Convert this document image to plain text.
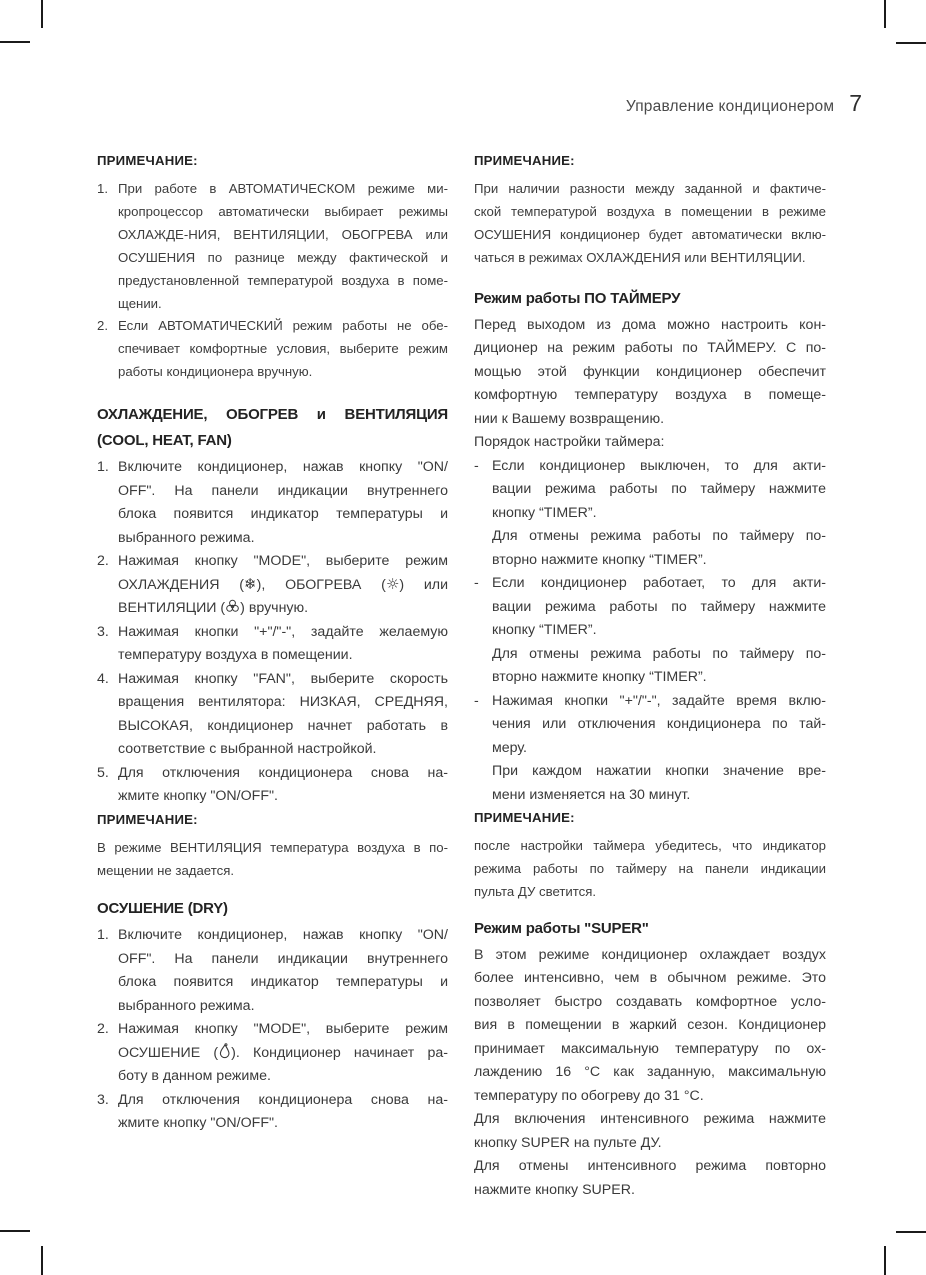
Управление кондиционером 7
ПРИМЕЧАНИЕ:
1. При работе в АВТОМАТИЧЕСКОМ режиме ми-
кропроцессор автоматически выбирает режимы
ОХЛАЖДЕ-НИЯ, ВЕНТИЛЯЦИИ, ОБОГРЕВА или
ОСУШЕНИЯ по разнице между фактической и
предустановленной температурой воздуха в поме-
щении.
2. Если АВТОМАТИЧЕСКИЙ режим работы не обе-
спечивает комфортные условия, выберите режим
работы кондиционера вручную.
ОХЛАЖДЕНИЕ, ОБОГРЕВ и ВЕНТИЛЯЦИЯ
(COOL, HEAT, FAN)
1. Включите кондиционер, нажав кнопку "ON/
OFF". На панели индикации внутреннего
блока появится индикатор температуры и
выбранного режима.
2. Нажимая кнопку "MODE", выберите режим
ОХЛАЖДЕНИЯ (❄), ОБОГРЕВА (☼) или
ВЕНТИЛЯЦИИ ( ) вручную.
3. Нажимая кнопки "+"/"-", задайте желаемую
температуру воздуха в помещении.
4. Нажимая кнопку "FAN", выберите скорость
вращения вентилятора: НИЗКАЯ, СРЕДНЯЯ,
ВЫСОКАЯ, кондиционер начнет работать в
соответствие с выбранной настройкой.
5. Для отключения кондиционера снова на-
жмите кнопку "ON/OFF".
ПРИМЕЧАНИЕ:
В режиме ВЕНТИЛЯЦИЯ температура воздуха в по-
мещении не задается.
ОСУШЕНИЕ (DRY)
1. Включите кондиционер, нажав кнопку "ON/
OFF". На панели индикации внутреннего
блока появится индикатор температуры и
выбранного режима.
2. Нажимая кнопку "MODE", выберите режим
ОСУШЕНИЕ ( ). Кондиционер начинает ра-
боту в данном режиме.
3. Для отключения кондиционера снова на-
жмите кнопку "ON/OFF".
ПРИМЕЧАНИЕ:
При наличии разности между заданной и фактиче-
ской температурой воздуха в помещении в режиме
ОСУШЕНИЯ кондиционер будет автоматически вклю-
чаться в режимах ОХЛАЖДЕНИЯ или ВЕНТИЛЯЦИИ.
Режим работы ПО ТАЙМЕРУ
Перед выходом из дома можно настроить кон-
диционер на режим работы по ТАЙМЕРУ. С по-
мощью этой функции кондиционер обеспечит
комфортную температуру воздуха в помеще-
нии к Вашему возвращению.
Порядок настройки таймера:
- Если кондиционер выключен, то для акти-
вации режима работы по таймеру нажмите
кнопку “TIMER”.
Для отмены режима работы по таймеру по-
вторно нажмите кнопку “TIMER”.
- Если кондиционер работает, то для акти-
вации режима работы по таймеру нажмите
кнопку “TIMER”.
Для отмены режима работы по таймеру по-
вторно нажмите кнопку “TIMER”.
- Нажимая кнопки "+"/"-", задайте время вклю-
чения или отключения кондиционера по тай-
меру.
При каждом нажатии кнопки значение вре-
мени изменяется на 30 минут.
ПРИМЕЧАНИЕ:
после настройки таймера убедитесь, что индикатор
режима работы по таймеру на панели индикации
пульта ДУ светится.
Режим работы "SUPER"
В этом режиме кондиционер охлаждает воздух
более интенсивно, чем в обычном режиме. Это
позволяет быстро создавать комфортное усло-
вия в помещении в жаркий сезон. Кондиционер
принимает максимальную температуру по ох-
лаждению 16 °C как заданную, максимальную
температуру по обогреву до 31 °C.
Для включения интенсивного режима нажмите
кнопку SUPER на пульте ДУ.
Для отмены интенсивного режима повторно
нажмите кнопку SUPER.
